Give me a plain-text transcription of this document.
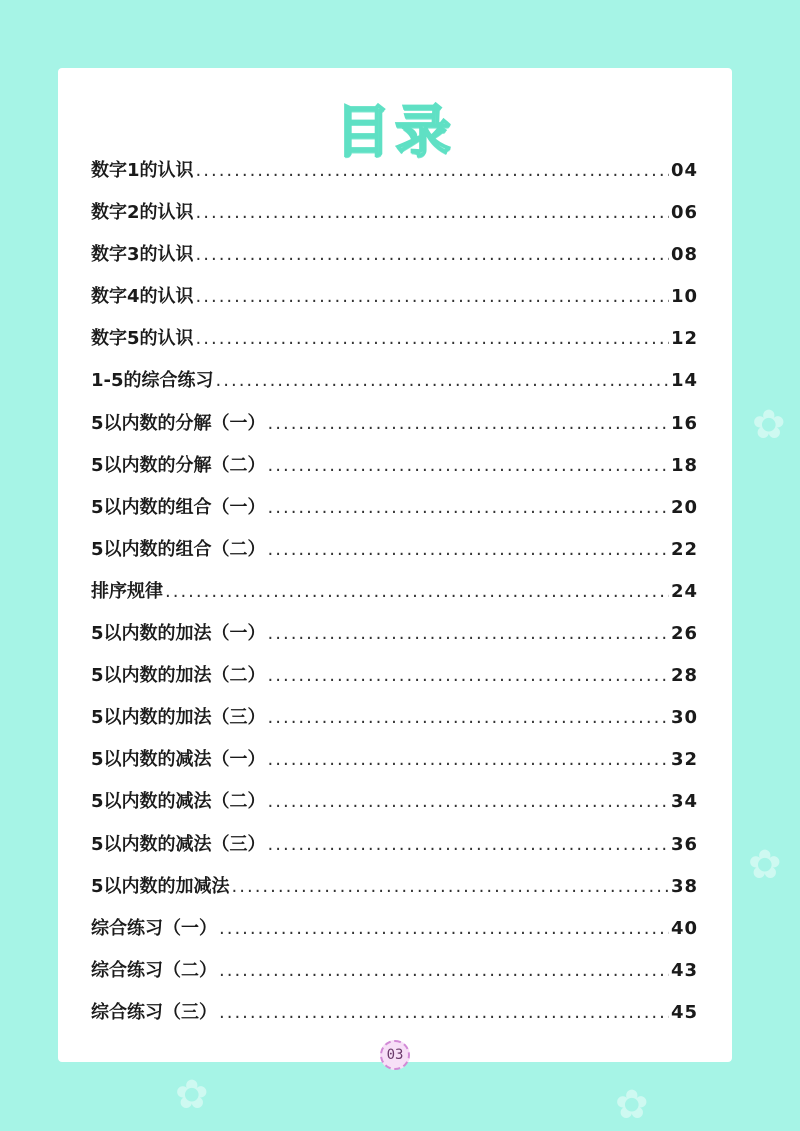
✿
✿
✿	✿
目录
数字1的认识 .....	04
数字2的认识 .....	06
数字3的认识 .....	08
数字4的认识 .....	10
数字5的认识 .....	12
1-5的综合练习 .....	14
5以内数的分解（一） .....	16
5以内数的分解（二） .....	18
5以内数的组合（一） .....	20
5以内数的组合（二） .....	22
排序规律 .....	24
5以内数的加法（一） .....	26
5以内数的加法（二） .....	28
5以内数的加法（三） .....	30
5以内数的减法（一） .....	32
5以内数的减法（二） .....	34
5以内数的减法（三） .....	36
5以内数的加减法 .....	38
综合练习（一） .....	40
综合练习（二） .....	43
综合练习（三） .....	45
03
